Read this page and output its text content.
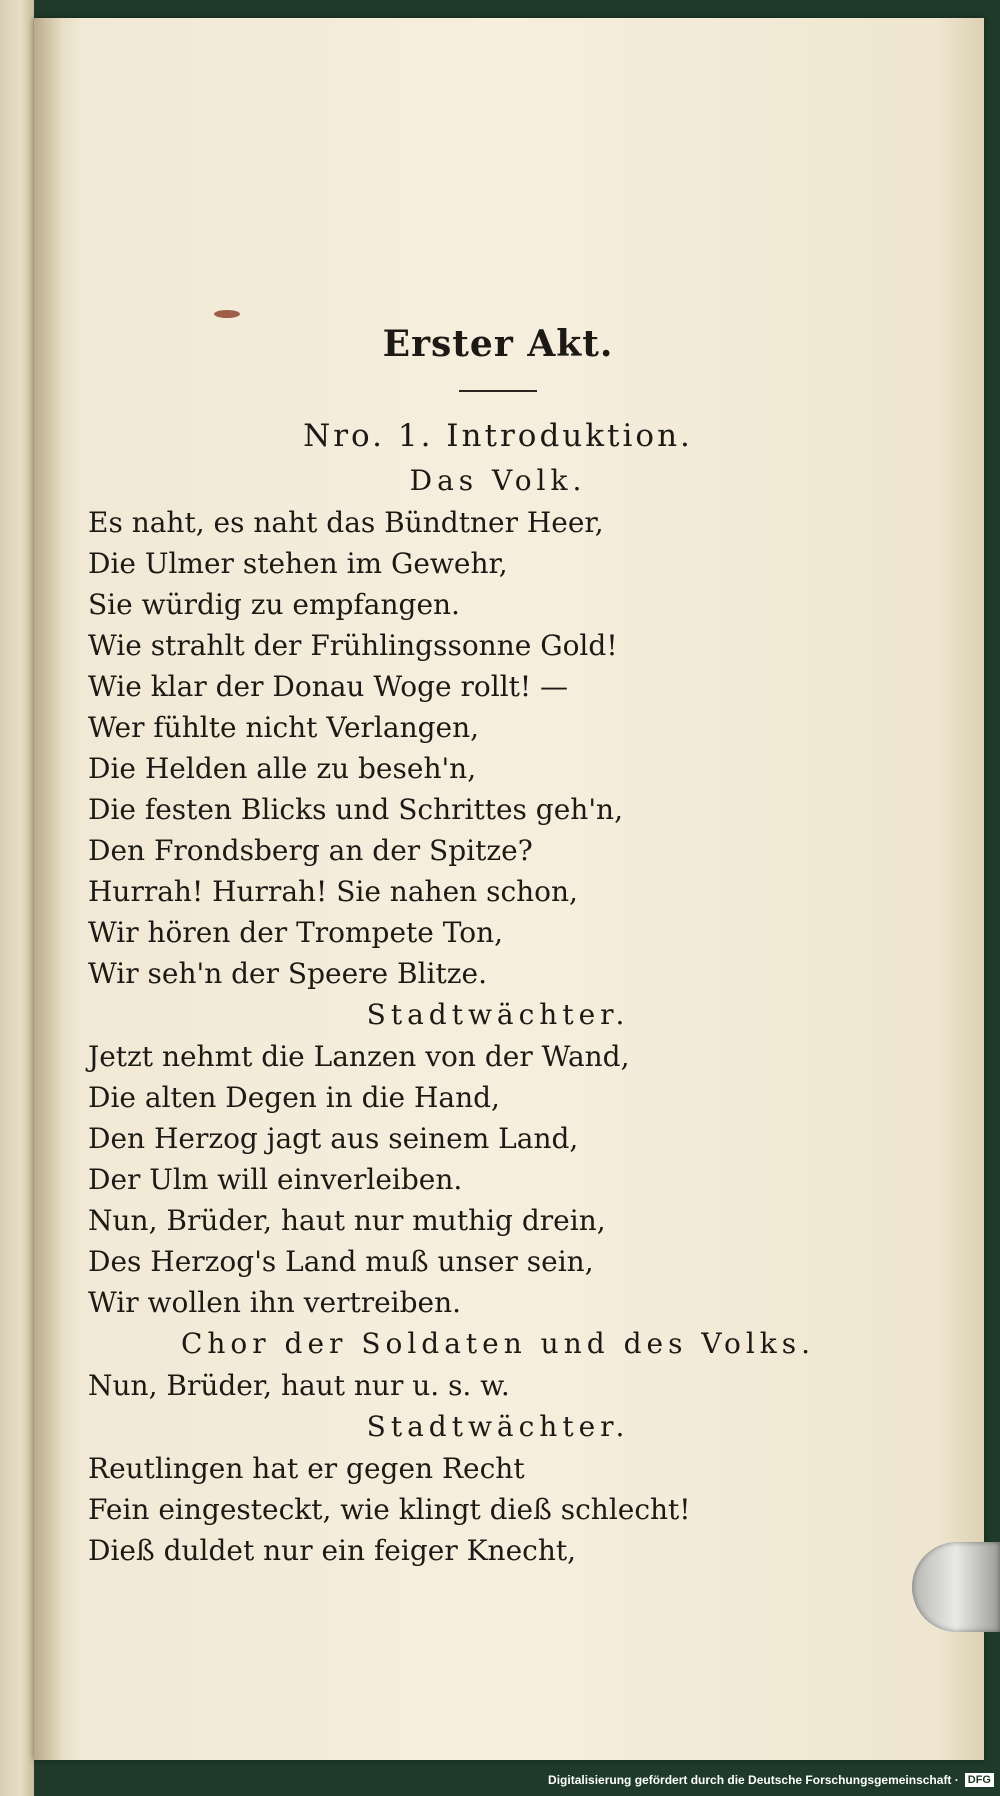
Erster Akt.
Nro. 1. Introduktion.
Das Volk.
Es naht, es naht das Bündtner Heer,
Die Ulmer stehen im Gewehr,
Sie würdig zu empfangen.
Wie strahlt der Frühlingssonne Gold!
Wie klar der Donau Woge rollt! —
Wer fühlte nicht Verlangen,
Die Helden alle zu beseh'n,
Die festen Blicks und Schrittes geh'n,
Den Frondsberg an der Spitze?
Hurrah! Hurrah! Sie nahen schon,
Wir hören der Trompete Ton,
Wir seh'n der Speere Blitze.
Stadtwächter.
Jetzt nehmt die Lanzen von der Wand,
Die alten Degen in die Hand,
Den Herzog jagt aus seinem Land,
Der Ulm will einverleiben.
Nun, Brüder, haut nur muthig drein,
Des Herzog's Land muß unser sein,
Wir wollen ihn vertreiben.
Chor der Soldaten und des Volks.
Nun, Brüder, haut nur u. s. w.
Stadtwächter.
Reutlingen hat er gegen Recht
Fein eingesteckt, wie klingt dieß schlecht!
Dieß duldet nur ein feiger Knecht,
Digitalisierung gefördert durch die Deutsche Forschungsgemeinschaft · DFG
